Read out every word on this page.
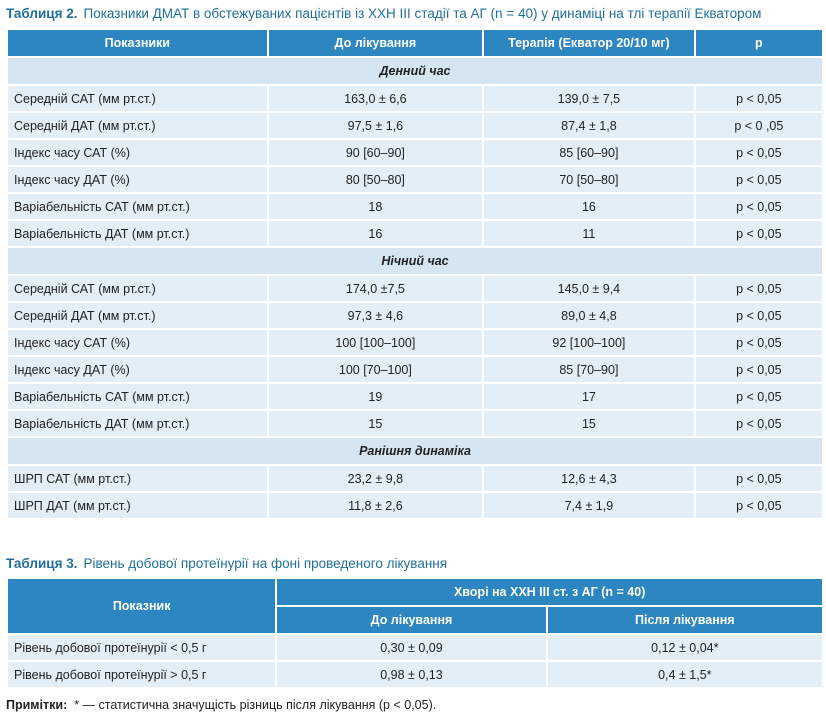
Таблиця 2. Показники ДМАТ в обстежуваних пацієнтів із ХХН ІІІ стадії та АГ (n = 40) у динаміці на тлі терапії Екватором
Показники	До лікування	Терапія (Екватор 20/10 мг)	р
Денний час			
Середній САТ (мм рт.ст.)	163,0 ± 6,6	139,0 ± 7,5	p < 0,05
Середній ДАТ (мм рт.ст.)	97,5 ± 1,6	87,4 ± 1,8	p < 0 ,05
Індекс часу САТ (%)	90 [60–90]	85 [60–90]	p < 0,05
Індекс часу ДАТ (%)	80 [50–80]	70 [50–80]	p < 0,05
Варіабельність САТ (мм рт.ст.)	18	16	p < 0,05
Варіабельність ДАТ (мм рт.ст.)	16	11	p < 0,05
Нічний час			
Середній САТ (мм рт.ст.)	174,0 ±7,5	145,0 ± 9,4	p < 0,05
Середній ДАТ (мм рт.ст.)	97,3 ± 4,6	89,0 ± 4,8	p < 0,05
Індекс часу САТ (%)	100 [100–100]	92 [100–100]	p < 0,05
Індекс часу ДАТ (%)	100 [70–100]	85 [70–90]	p < 0,05
Варіабельність САТ (мм рт.ст.)	19	17	p < 0,05
Варіабельність ДАТ (мм рт.ст.)	15	15	p < 0,05
Ранішня динаміка			
ШРП САТ (мм рт.ст.)	23,2 ± 9,8	12,6 ± 4,3	p < 0,05
ШРП ДАТ (мм рт.ст.)	11,8 ± 2,6	7,4 ± 1,9	p < 0,05
Таблиця 3. Рівень добової протеїнурії на фоні проведеного лікування
Показник	Хворі на ХХН ІІІ ст. з АГ (n = 40)	
	До лікування	Після лікування
Рівень добової протеїнурії < 0,5 г	0,30 ± 0,09	0,12 ± 0,04*
Рівень добової протеїнурії > 0,5 г	0,98 ± 0,13	0,4 ± 1,5*
Примітки: * — статистична значущість різниць після лікування (р < 0,05).
